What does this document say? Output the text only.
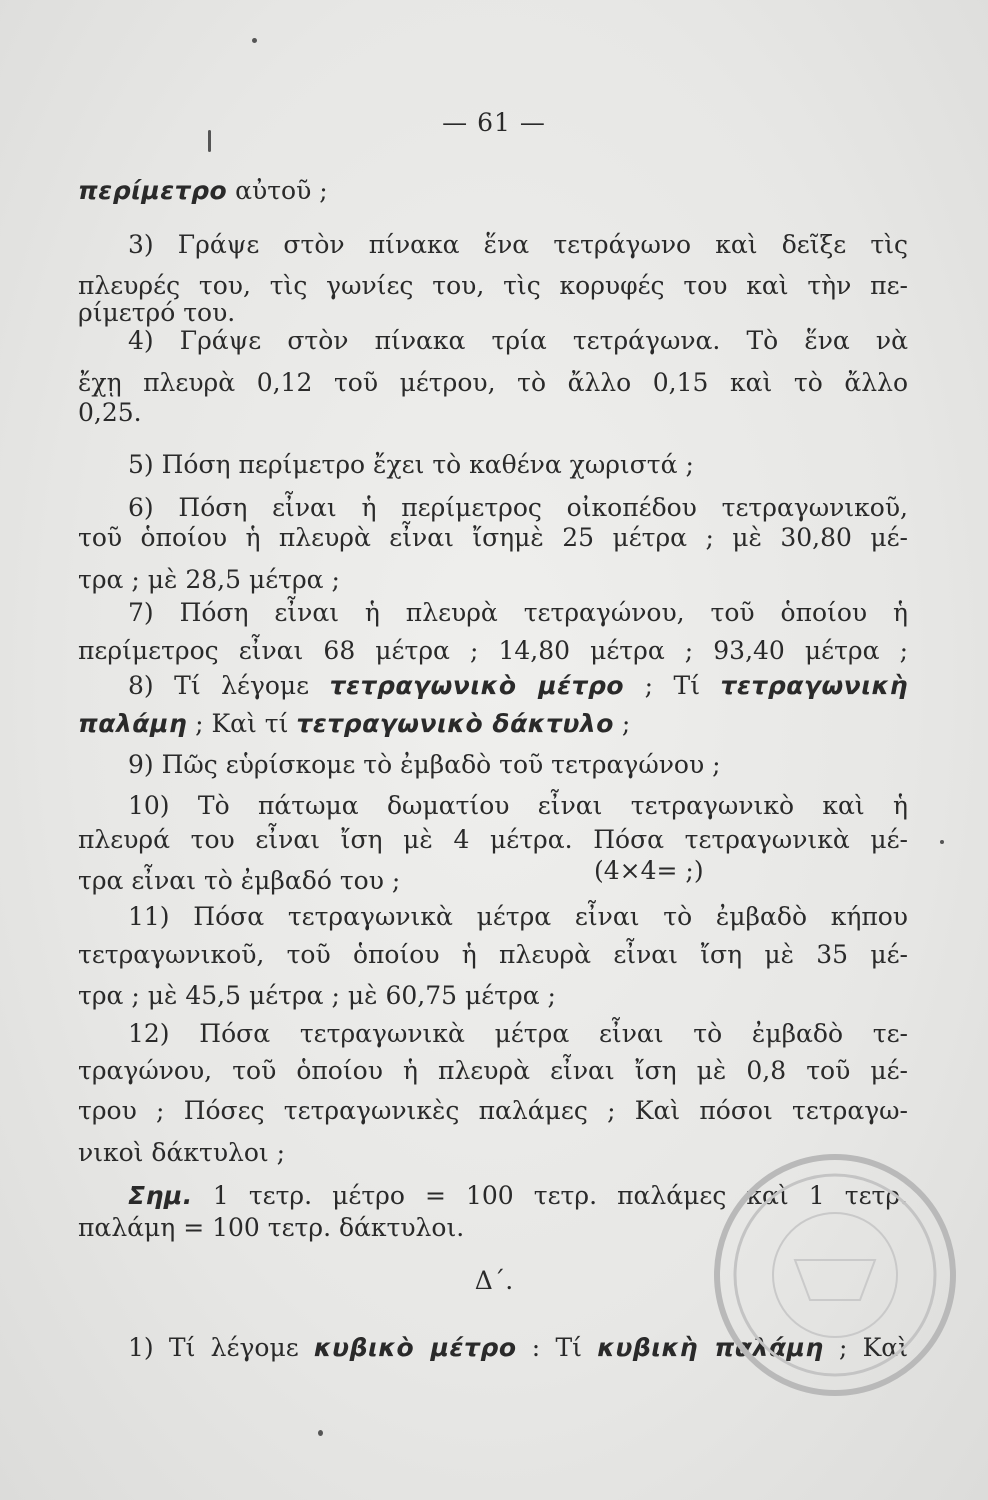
— 61 —
περίμετρο αὐτοῦ ;
3) Γράψε στὸν πίνακα ἕνα τετράγωνο καὶ δεῖξε τὶς
πλευρές του, τὶς γωνίες του, τὶς κορυφές του καὶ τὴν πε-
ρίμετρό του.
4) Γράψε στὸν πίνακα τρία τετράγωνα. Τὸ ἕνα νὰ
ἔχῃ πλευρὰ 0,12 τοῦ μέτρου, τὸ ἄλλο 0,15 καὶ τὸ ἄλλο
0,25.
5) Πόση περίμετρο ἔχει τὸ καθένα χωριστά ;
6) Πόση εἶναι ἡ περίμετρος οἰκοπέδου τετραγωνικοῦ,
τοῦ ὁποίου ἡ πλευρὰ εἶναι ἴσημὲ 25 μέτρα ; μὲ 30,80 μέ-
τρα ; μὲ 28,5 μέτρα ;
7) Πόση εἶναι ἡ πλευρὰ τετραγώνου, τοῦ ὁποίου ἡ
περίμετρος εἶναι 68 μέτρα ; 14,80 μέτρα ; 93,40 μέτρα ;
8) Τί λέγομε τετραγωνικὸ μέτρο ; Τί τετραγωνικὴ
παλάμη ; Καὶ τί τετραγωνικὸ δάκτυλο ;
9) Πῶς εὑρίσκομε τὸ ἐμβαδὸ τοῦ τετραγώνου ;
10) Τὸ πάτωμα δωματίου εἶναι τετραγωνικὸ καὶ ἡ
πλευρά του εἶναι ἴση μὲ 4 μέτρα. Πόσα τετραγωνικὰ μέ-
τρα εἶναι τὸ ἐμβαδό του ;
11) Πόσα τετραγωνικὰ μέτρα εἶναι τὸ ἐμβαδὸ κήπου
τετραγωνικοῦ, τοῦ ὁποίου ἡ πλευρὰ εἶναι ἴση μὲ 35 μέ-
τρα ; μὲ 45,5 μέτρα ; μὲ 60,75 μέτρα ;
12) Πόσα τετραγωνικὰ μέτρα εἶναι τὸ ἐμβαδὸ τε-
τραγώνου, τοῦ ὁποίου ἡ πλευρὰ εἶναι ἴση μὲ 0,8 τοῦ μέ-
τρου ; Πόσες τετραγωνικὲς παλάμες ; Καὶ πόσοι τετραγω-
νικοὶ δάκτυλοι ;
Σημ. 1 τετρ. μέτρο = 100 τετρ. παλάμες καὶ 1 τετρ.
παλάμη = 100 τετρ. δάκτυλοι.
Δ΄.
1) Τί λέγομε κυβικὸ μέτρο : Τί κυβικὴ παλάμη ; Καὶ
(4×4= ;)
